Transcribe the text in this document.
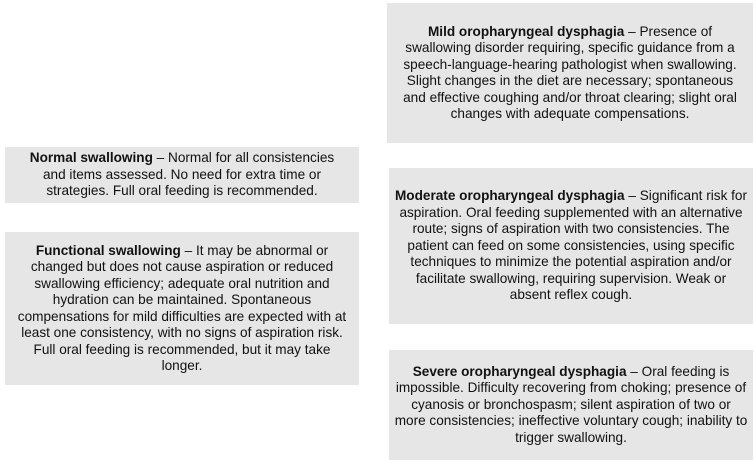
Normal swallowing – Normal for all consistencies and items assessed. No need for extra time or strategies. Full oral feeding is recommended.
Functional swallowing – It may be abnormal or changed but does not cause aspiration or reduced swallowing efficiency; adequate oral nutrition and hydration can be maintained. Spontaneous compensations for mild difficulties are expected with at least one consistency, with no signs of aspiration risk. Full oral feeding is recommended, but it may take longer.
Mild oropharyngeal dysphagia – Presence of swallowing disorder requiring, specific guidance from a speech-language-hearing pathologist when swallowing. Slight changes in the diet are necessary; spontaneous and effective coughing and/or throat clearing; slight oral changes with adequate compensations.
Moderate oropharyngeal dysphagia – Significant risk for aspiration. Oral feeding supplemented with an alternative route; signs of aspiration with two consistencies. The patient can feed on some consistencies, using specific techniques to minimize the potential aspiration and/or facilitate swallowing, requiring supervision. Weak or absent reflex cough.
Severe oropharyngeal dysphagia – Oral feeding is impossible. Difficulty recovering from choking; presence of cyanosis or bronchospasm; silent aspiration of two or more consistencies; ineffective voluntary cough; inability to trigger swallowing.
